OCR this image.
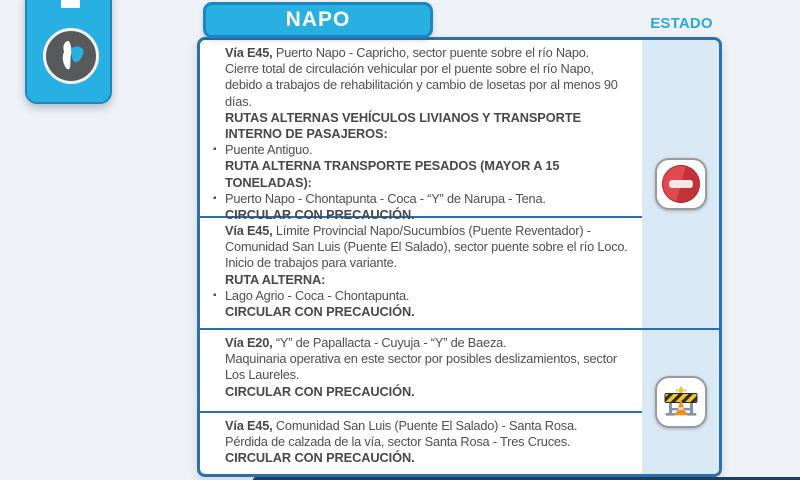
NAPO	ESTADO

Vía E45, Puerto Napo - Capricho, sector puente sobre el río Napo.

Cierre total de circulación vehicular por el puente sobre el río Napo, debido a trabajos de rehabilitación y cambio de losetas por al menos 90 días.

RUTAS ALTERNAS VEHÍCULOS LIVIANOS Y TRANSPORTE INTERNO DE PASAJEROS:

▪ Puente Antiguo.

RUTA ALTERNA TRANSPORTE PESADOS (MAYOR A 15 TONELADAS):

▪ Puerto Napo - Chontapunta - Coca - “Y” de Narupa - Tena.

CIRCULAR CON PRECAUCIÓN.

Vía E45, Límite Provincial Napo/Sucumbíos (Puente Reventador) - Comunidad San Luis (Puente El Salado), sector puente sobre el río Loco.

Inicio de trabajos para variante.

RUTA ALTERNA:

▪ Lago Agrio - Coca - Chontapunta.

CIRCULAR CON PRECAUCIÓN.

Vía E20, “Y” de Papallacta - Cuyuja - “Y” de Baeza.

Maquinaria operativa en este sector por posibles deslizamientos, sector Los Laureles.

CIRCULAR CON PRECAUCIÓN.

Vía E45, Comunidad San Luis (Puente El Salado) - Santa Rosa.

Pérdida de calzada de la vía, sector Santa Rosa - Tres Cruces.

CIRCULAR CON PRECAUCIÓN.
